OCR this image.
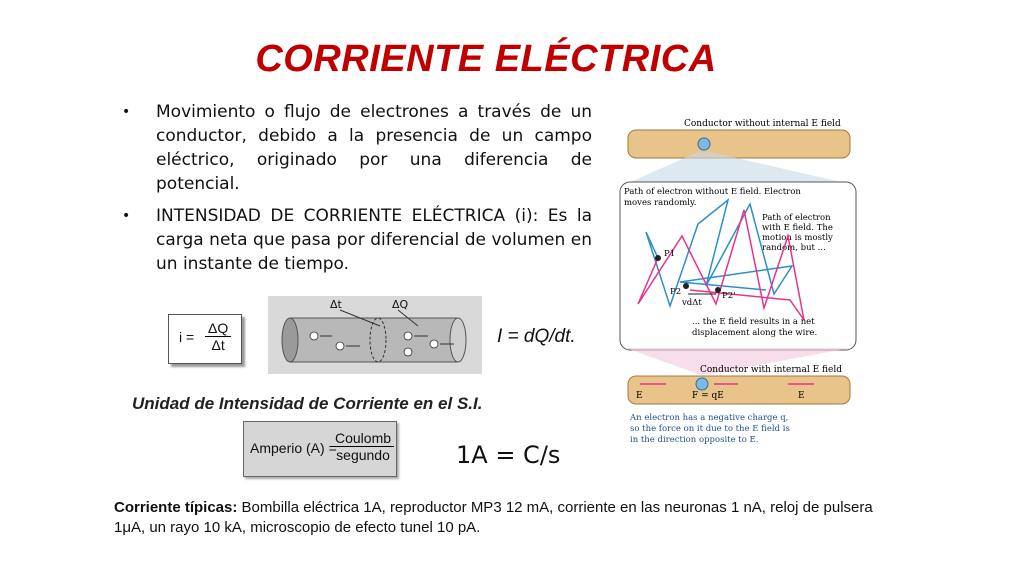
CORRIENTE ELÉCTRICA
•	Movimiento o flujo de electrones a través de un conductor, debido a la presencia de un campo eléctrico, originado por una diferencia de potencial.
•	INTENSIDAD DE CORRIENTE ELÉCTRICA (i): Es la carga neta que pasa por diferencial de volumen en un instante de tiempo.
$i = \frac{\Delta Q}{\Delta t}$
Δt	ΔQ
I = dQ/dt.
Unidad de Intensidad de Corriente en el S.I.
Amperio (A) =
Coulomb
segundo	1A = C/s
Corriente típicas: Bombilla eléctrica 1A, reproductor MP3 12 mA, corriente en las neuronas 1 nA, reloj de pulsera 1μA, un rayo 10 kA, microscopio de efecto tunel 10 pA.
Conductor without internal E field
Path of electron without E field. Electron
moves randomly.
Path of electron
with E field. The
motion is mostly
random, but ...
P1
P2	P2'
vdΔt
... the E field results in a net
displacement along the wire.
Conductor with internal E field
E	F = qE	E
An electron has a negative charge q,
so the force on it due to the E field is
in the direction opposite to E.
